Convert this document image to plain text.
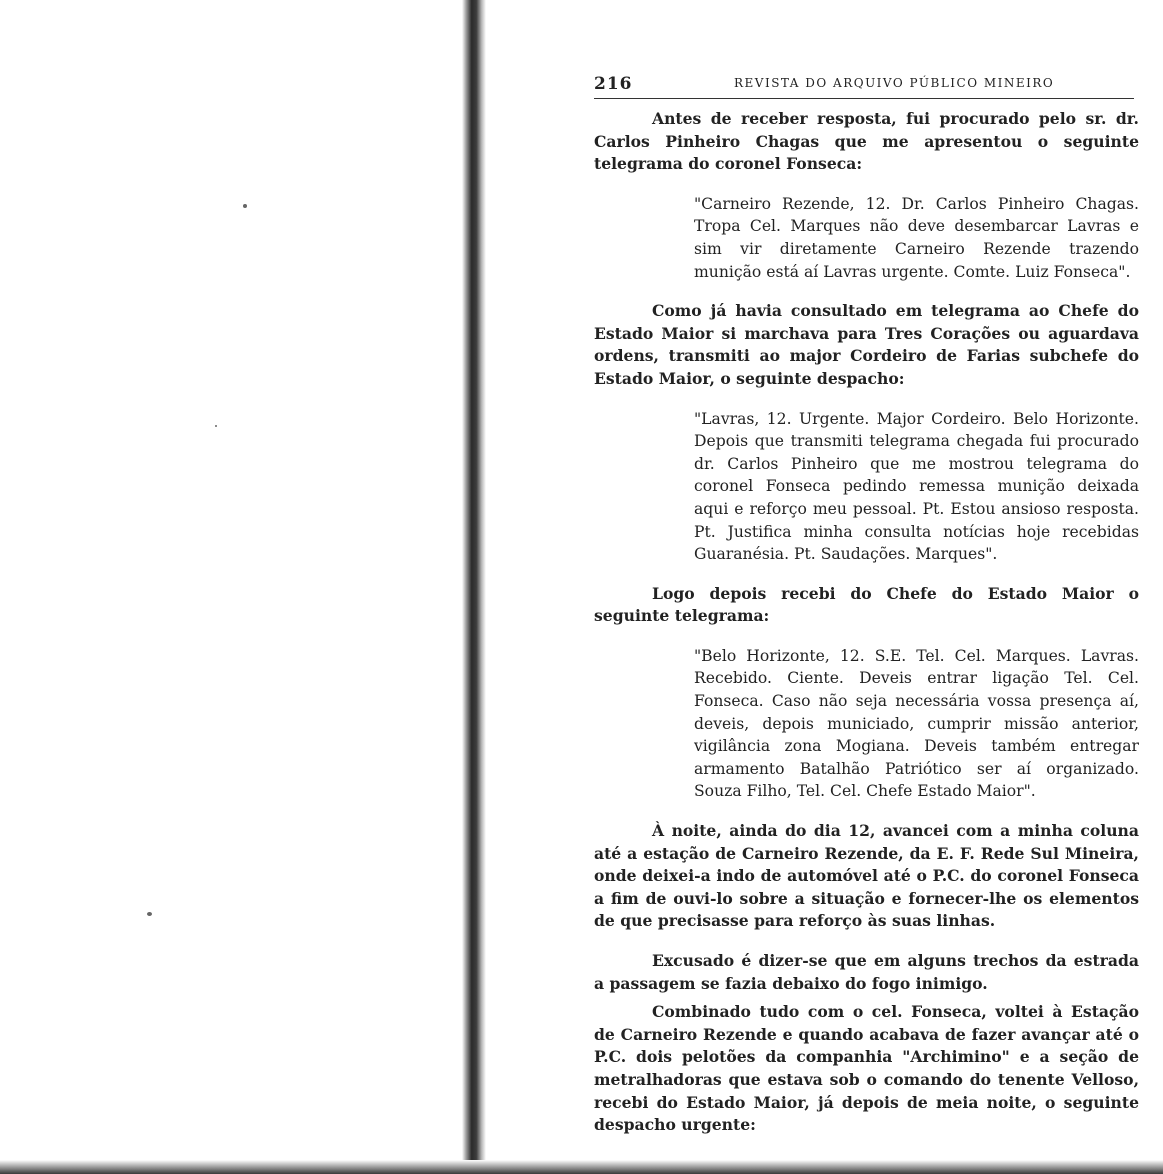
216	REVISTA DO ARQUIVO PÚBLICO MINEIRO

Antes de receber resposta, fui procurado pelo sr. dr. Carlos Pinheiro Chagas que me apresentou o seguinte telegrama do coronel Fonseca:

"Carneiro Rezende, 12. Dr. Carlos Pinheiro Chagas. Tropa Cel. Marques não deve desembarcar Lavras e sim vir diretamente Carneiro Rezende trazendo munição está aí Lavras urgente. Comte. Luiz Fonseca".

Como já havia consultado em telegrama ao Chefe do Estado Maior si marchava para Tres Corações ou aguardava ordens, transmiti ao major Cordeiro de Farias subchefe do Estado Maior, o seguinte despacho:

"Lavras, 12. Urgente. Major Cordeiro. Belo Horizonte. Depois que transmiti telegrama chegada fui procurado dr. Carlos Pinheiro que me mostrou telegrama do coronel Fonseca pedindo remessa munição deixada aqui e reforço meu pessoal. Pt. Estou ansioso resposta. Pt. Justifica minha consulta notícias hoje recebidas Guaranésia. Pt. Saudações. Marques".

Logo depois recebi do Chefe do Estado Maior o seguinte telegrama:

"Belo Horizonte, 12. S.E. Tel. Cel. Marques. Lavras. Recebido. Ciente. Deveis entrar ligação Tel. Cel. Fonseca. Caso não seja necessária vossa presença aí, deveis, depois municiado, cumprir missão anterior, vigilância zona Mogiana. Deveis também entregar armamento Batalhão Patriótico ser aí organizado. Souza Filho, Tel. Cel. Chefe Estado Maior".

À noite, ainda do dia 12, avancei com a minha coluna até a estação de Carneiro Rezende, da E. F. Rede Sul Mineira, onde deixei-a indo de automóvel até o P.C. do coronel Fonseca a fim de ouvi-lo sobre a situação e fornecer-lhe os elementos de que precisasse para reforço às suas linhas.

Excusado é dizer-se que em alguns trechos da estrada a passagem se fazia debaixo do fogo inimigo.

Combinado tudo com o cel. Fonseca, voltei à Estação de Carneiro Rezende e quando acabava de fazer avançar até o P.C. dois pelotões da companhia "Archimino" e a seção de metralhadoras que estava sob o comando do tenente Velloso, recebi do Estado Maior, já depois de meia noite, o seguinte despacho urgente:
